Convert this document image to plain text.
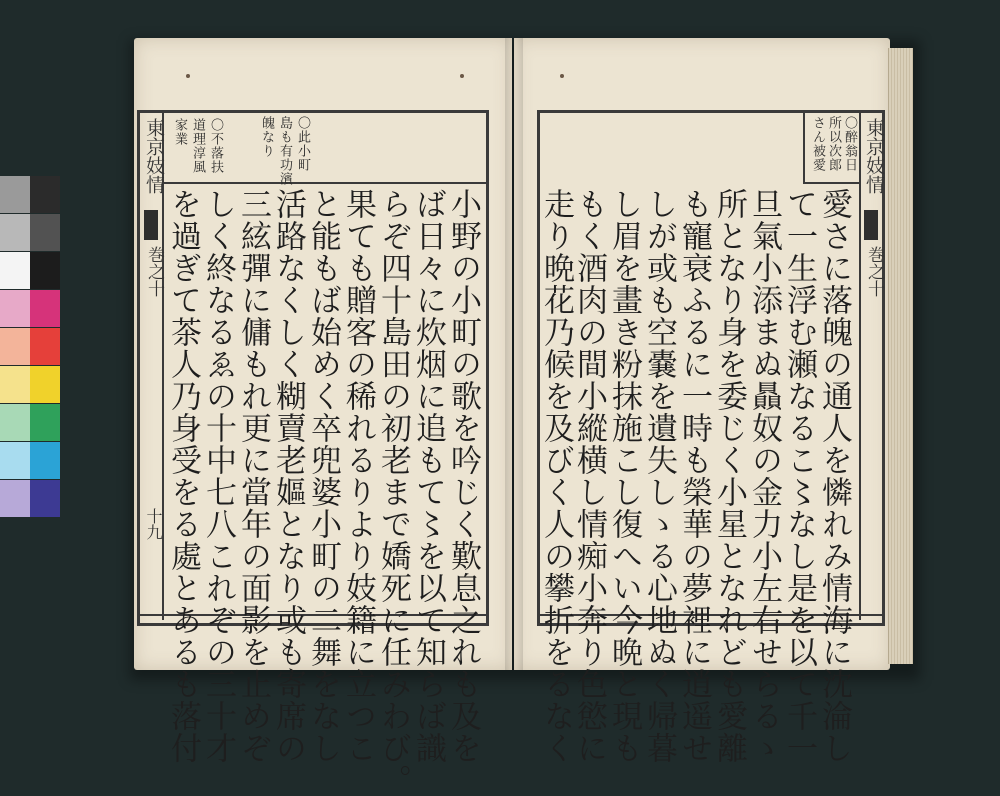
東京妓情
巻之十
十九
〇此小町
島も有功濱
魄なり
〇不落扶
道理淳風
家業
小野の小町の歌を吟じく歎息之れも及を
ば日々に炊烟に追もて〻を以て知らば識
らぞ四十島田の初老まで嬌死に任みわび。
果ても贈客の稀れるりより妓籍に立つこ
と能もば始めく卒兜婆小町の二舞をなし
活路なくしく糊賣老嫗となり或も寄席の
三絃彈に傭もれ更に當年の面影を止めぞ
しく終なるゑの十中七八これぞの三十才
を過ぎて茶人乃身受をる處とあるも落付
東京妓情
巻之十
〇醉翁日
所以次郎
さん被愛
愛さに落魄の通人を憐れみ情海に沈淪し
て一生浮む瀬なるこ〻なし是を以て千一
旦氣小添まぬ贔奴の金力小左右せらるゝ
所となり身を委じく小星となれども愛離
も寵衰ふるに一時も榮華の夢裡に逍遥せ
しが或も空嚢を遺失しゝる心地ぬく帰暮
し眉を畫き粉抹施こし復へい今晩と現も
もく酒肉の間小縱横し情痴小奔り色慾に
走り晩花乃候を及びく人の攀折をるなく
